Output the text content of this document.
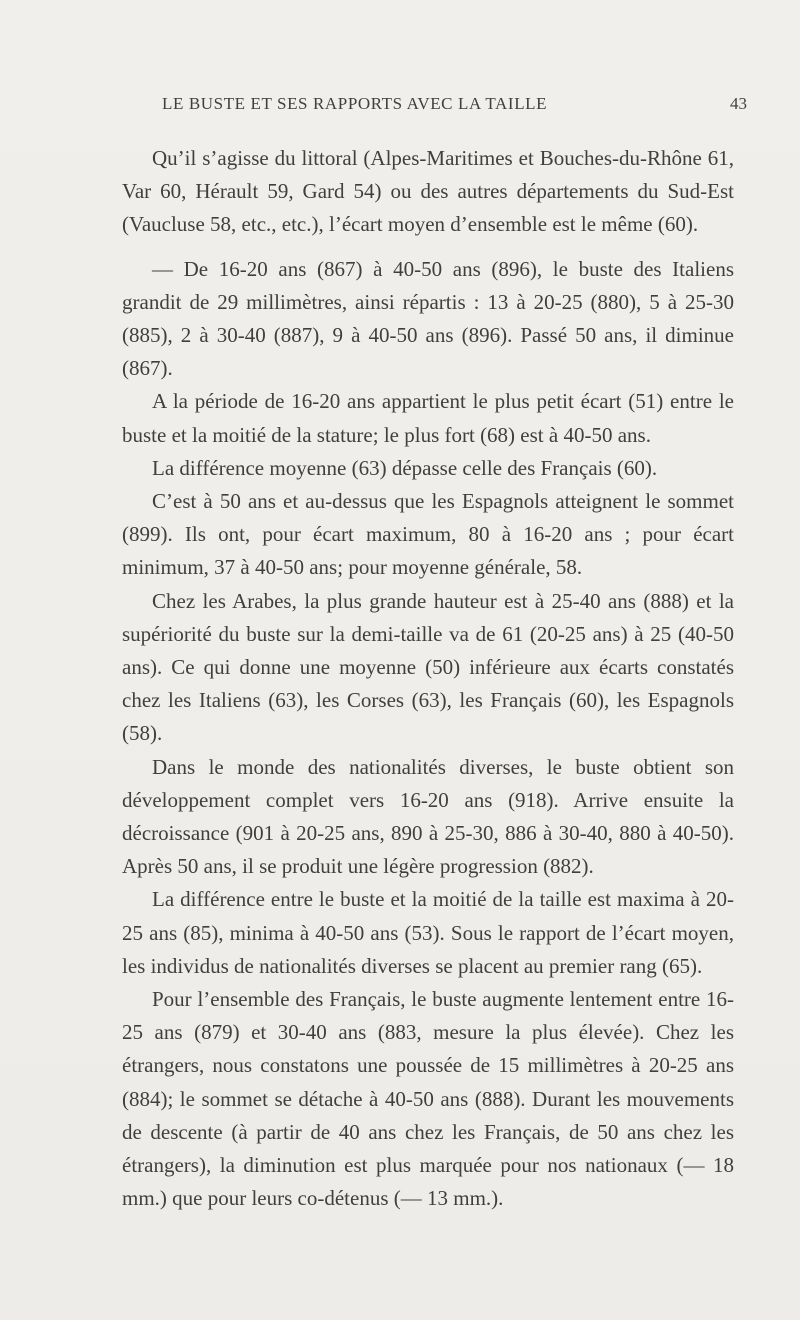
LE BUSTE ET SES RAPPORTS AVEC LA TAILLE	43

Qu’il s’agisse du littoral (Alpes-Maritimes et Bouches-du-Rhône 61, Var 60, Hérault 59, Gard 54) ou des autres départements du Sud-Est (Vaucluse 58, etc., etc.), l’écart moyen d’ensemble est le même (60).

— De 16-20 ans (867) à 40-50 ans (896), le buste des Italiens grandit de 29 millimètres, ainsi répartis : 13 à 20-25 (880), 5 à 25-30 (885), 2 à 30-40 (887), 9 à 40-50 ans (896). Passé 50 ans, il diminue (867).

A la période de 16-20 ans appartient le plus petit écart (51) entre le buste et la moitié de la stature; le plus fort (68) est à 40-50 ans.

La différence moyenne (63) dépasse celle des Français (60).

C’est à 50 ans et au-dessus que les Espagnols atteignent le sommet (899). Ils ont, pour écart maximum, 80 à 16-20 ans ; pour écart minimum, 37 à 40-50 ans; pour moyenne générale, 58.

Chez les Arabes, la plus grande hauteur est à 25-40 ans (888) et la supériorité du buste sur la demi-taille va de 61 (20-25 ans) à 25 (40-50 ans). Ce qui donne une moyenne (50) inférieure aux écarts constatés chez les Italiens (63), les Corses (63), les Français (60), les Espagnols (58).

Dans le monde des nationalités diverses, le buste obtient son développement complet vers 16-20 ans (918). Arrive ensuite la décroissance (901 à 20-25 ans, 890 à 25-30, 886 à 30-40, 880 à 40-50). Après 50 ans, il se produit une légère progression (882).

La différence entre le buste et la moitié de la taille est maxima à 20-25 ans (85), minima à 40-50 ans (53). Sous le rapport de l’écart moyen, les individus de nationalités diverses se placent au premier rang (65).

Pour l’ensemble des Français, le buste augmente lentement entre 16-25 ans (879) et 30-40 ans (883, mesure la plus élevée). Chez les étrangers, nous constatons une poussée de 15 millimètres à 20-25 ans (884); le sommet se détache à 40-50 ans (888). Durant les mouvements de descente (à partir de 40 ans chez les Français, de 50 ans chez les étrangers), la diminution est plus marquée pour nos nationaux (— 18 mm.) que pour leurs co-détenus (— 13 mm.).
